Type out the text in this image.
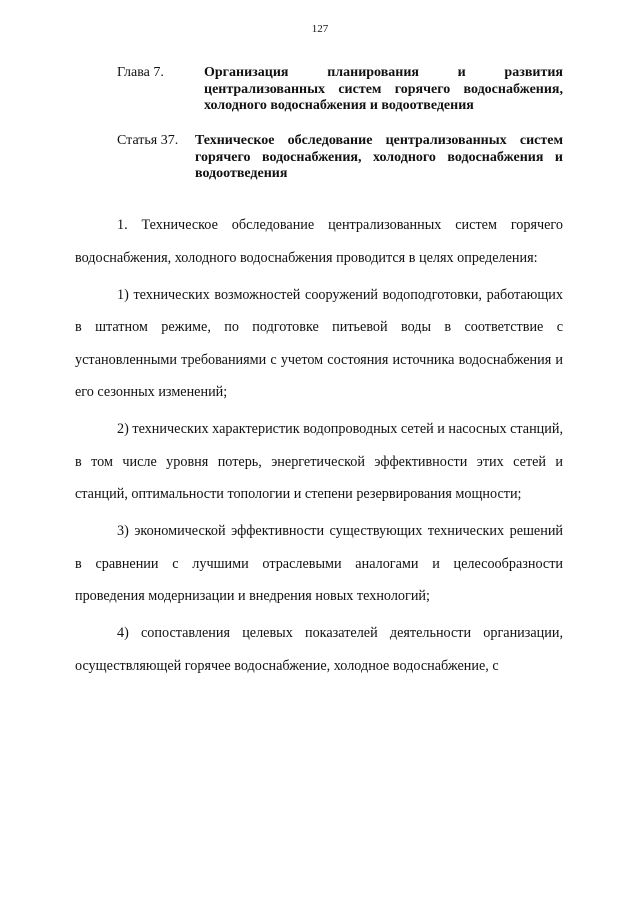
127
Глава 7.	Организация планирования и развития централизованных систем горячего водоснабжения, холодного водоснабжения и водоотведения
Статья 37.	Техническое обследование централизованных систем горячего водоснабжения, холодного водоснабжения и водоотведения

1. Техническое обследование централизованных систем горячего водоснабжения, холодного водоснабжения проводится в целях определения:

1) технических возможностей сооружений водоподготовки, работающих в штатном режиме, по подготовке питьевой воды в соответствие с установленными требованиями с учетом состояния источника водоснабжения и его сезонных изменений;

2) технических характеристик водопроводных сетей и насосных станций, в том числе уровня потерь, энергетической эффективности этих сетей и станций, оптимальности топологии и степени резервирования мощности;

3) экономической эффективности существующих технических решений в сравнении с лучшими отраслевыми аналогами и целесообразности проведения модернизации и внедрения новых технологий;

4) сопоставления целевых показателей деятельности организации, осуществляющей горячее водоснабжение, холодное водоснабжение, с
